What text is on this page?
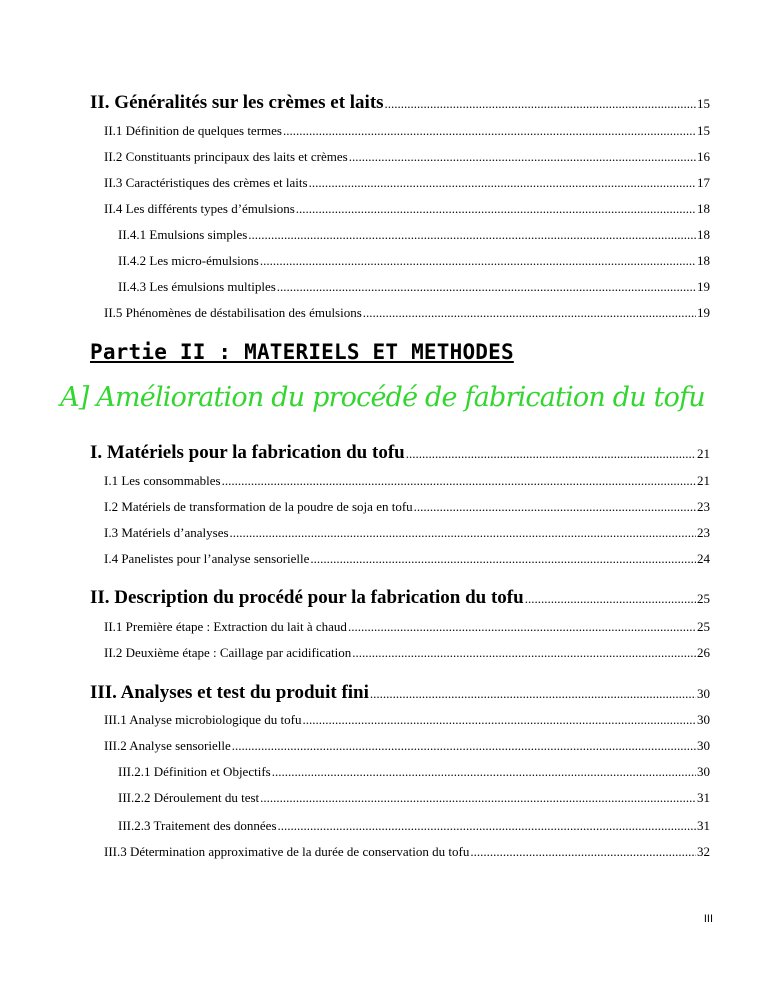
II. Généralités sur les crèmes et laits .....	15
II.1 Définition de quelques termes .....	15
II.2 Constituants principaux des laits et crèmes .....	16
II.3 Caractéristiques des crèmes et laits .....	17
II.4 Les différents types d’émulsions .....	18
II.4.1 Emulsions simples .....	18
II.4.2 Les micro-émulsions .....	18
II.4.3 Les émulsions multiples .....	19
II.5 Phénomènes de déstabilisation des émulsions .....	19
Partie II : MATERIELS ET METHODES
A] Amélioration du procédé de fabrication du tofu
I. Matériels pour la fabrication du tofu .....	21
I.1 Les consommables .....	21
I.2 Matériels de transformation de la poudre de soja en tofu .....	23
I.3 Matériels d’analyses .....	23
I.4 Panelistes pour l’analyse sensorielle .....	24
II. Description du procédé pour la fabrication du tofu .....	25
II.1 Première étape : Extraction du lait à chaud .....	25
II.2 Deuxième étape : Caillage par acidification .....	26
III. Analyses et test du produit fini .....	30
III.1 Analyse microbiologique du tofu .....	30
III.2 Analyse sensorielle .....	30
III.2.1 Définition et Objectifs .....	30
III.2.2 Déroulement du test .....	31
III.2.3 Traitement des données .....	31
III.3 Détermination approximative de la durée de conservation du tofu .....	32
III
